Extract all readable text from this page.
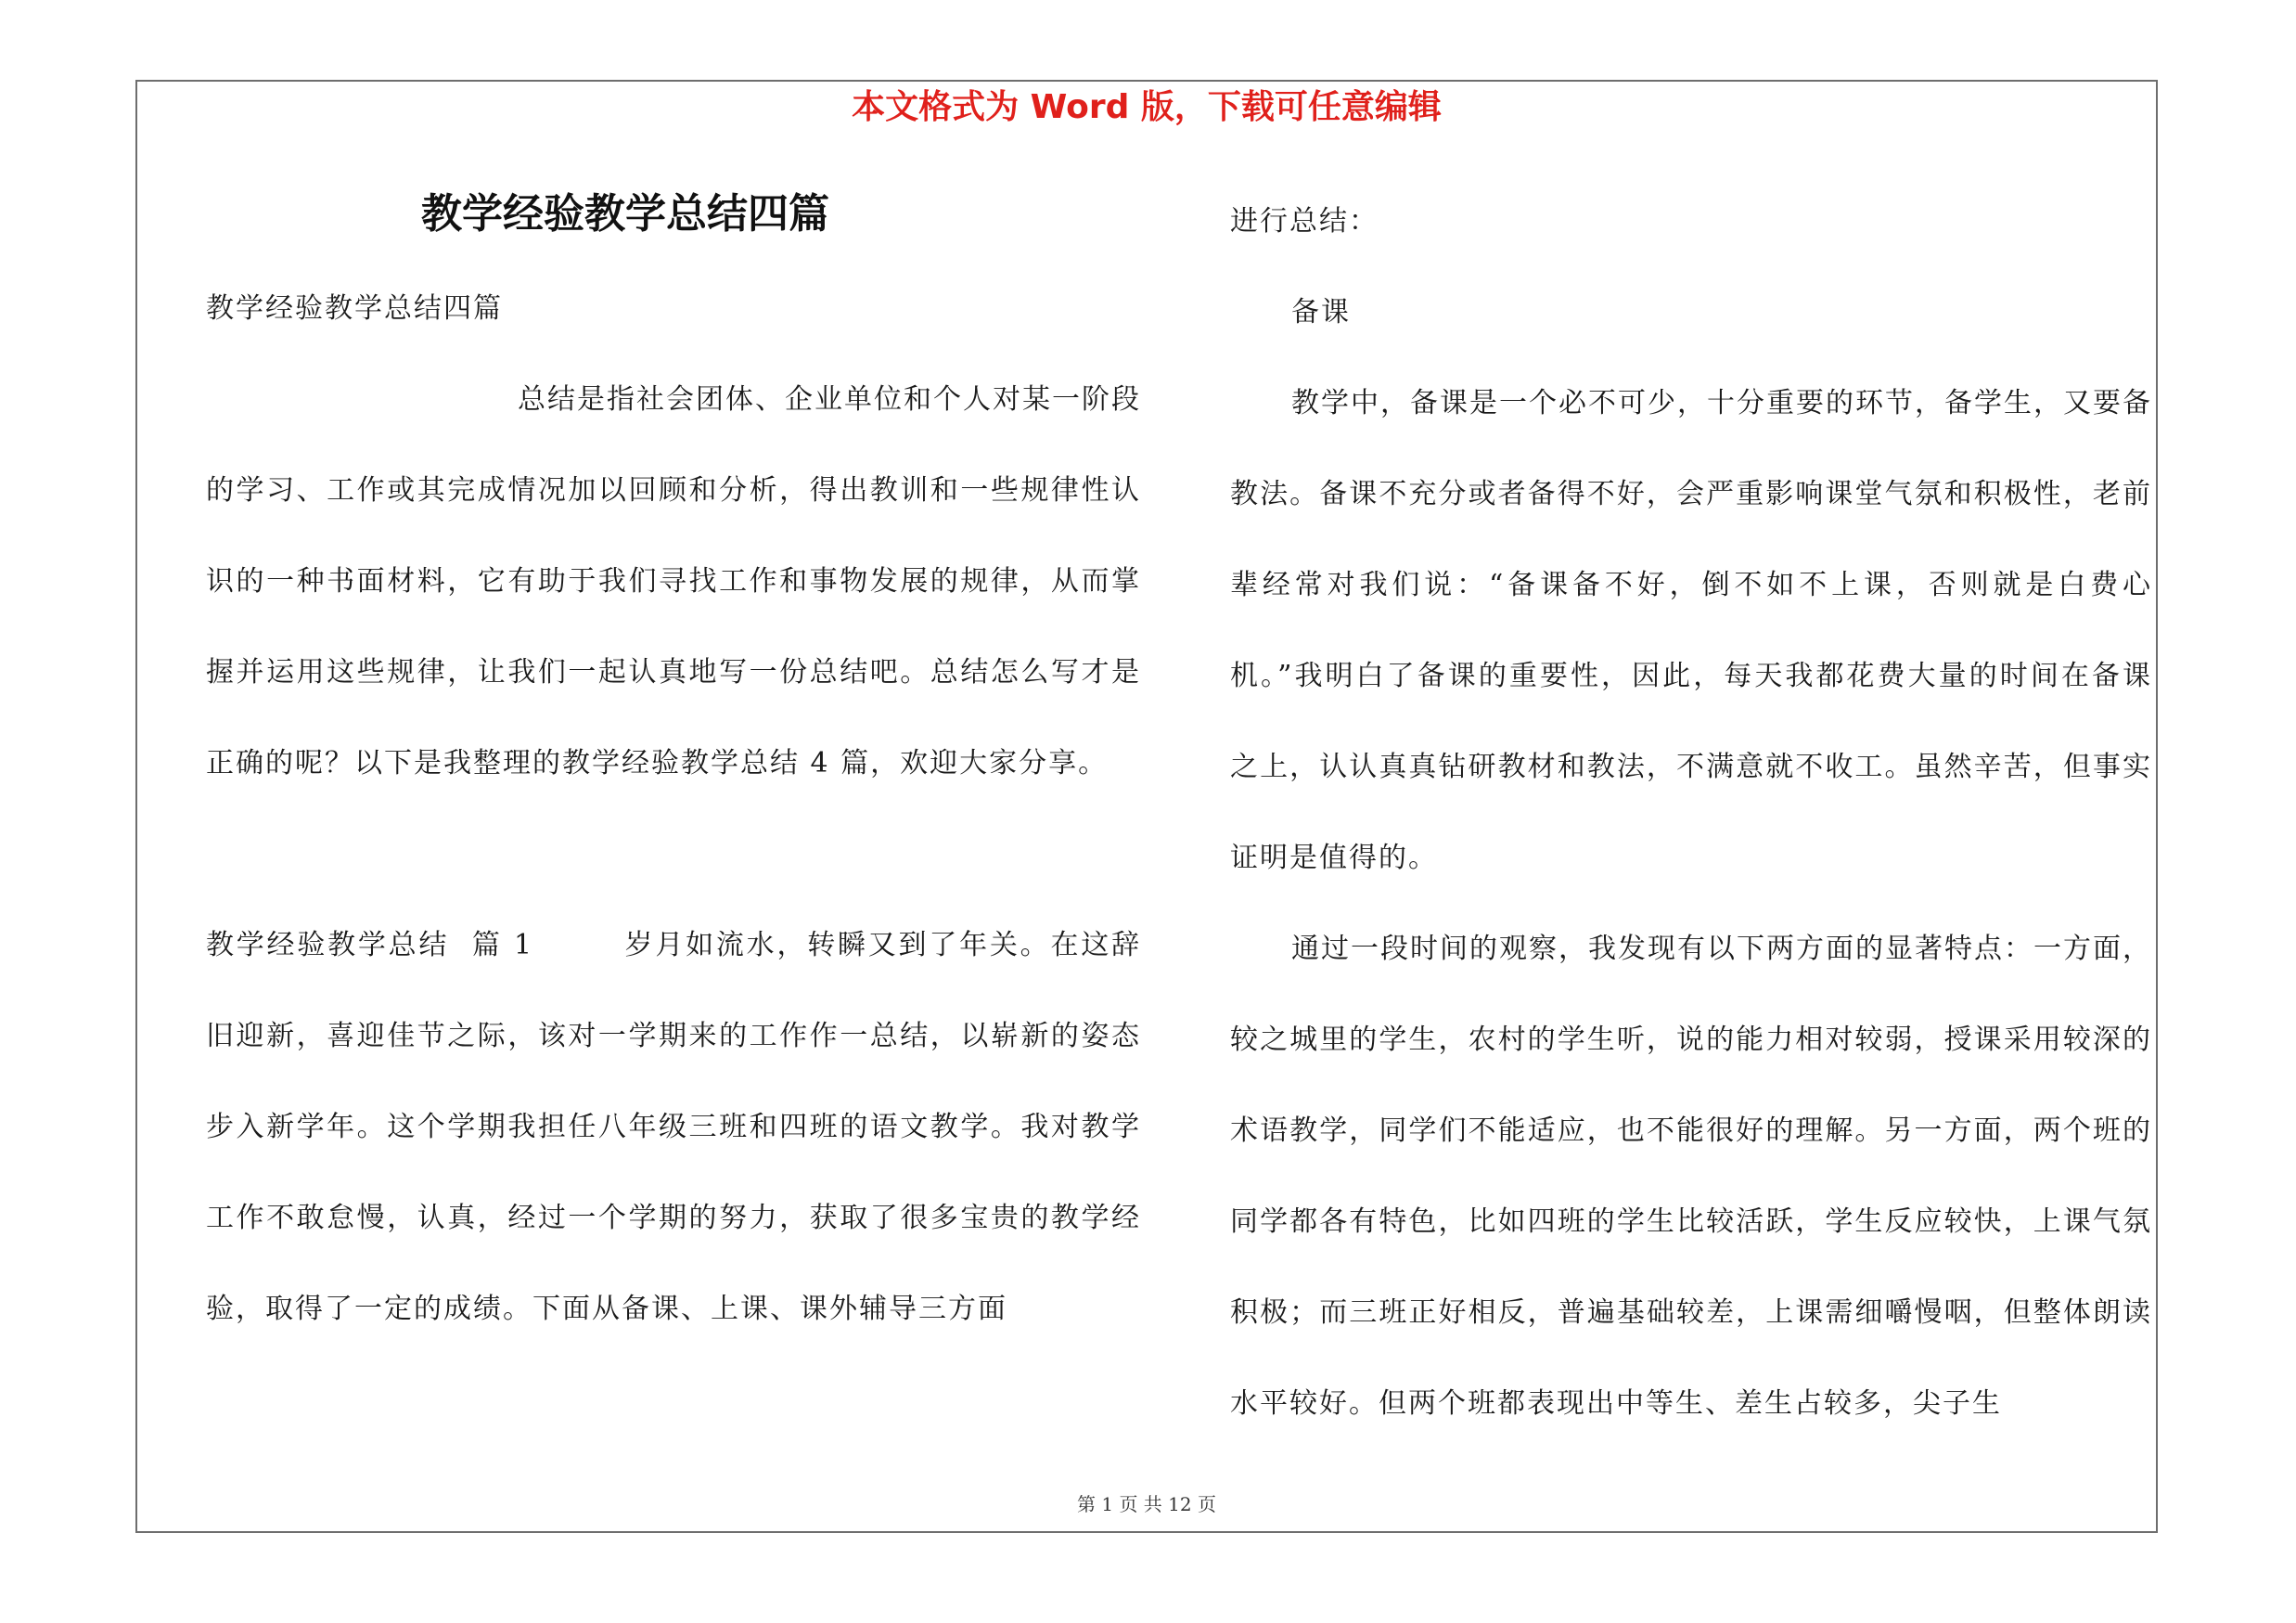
本文格式为 Word 版，下载可任意编辑
教学经验教学总结四篇

教学经验教学总结四篇

总结是指社会团体、企业单位和个人对某一阶段的学习、工作或其完成情况加以回顾和分析，得出教训和一些规律性认识的一种书面材料，它有助于我们寻找工作和事物发展的规律，从而掌握并运用这些规律，让我们一起认真地写一份总结吧。总结怎么写才是正确的呢？以下是我整理的教学经验教学总结 4 篇，欢迎大家分享。

教学经验教学总结  篇 1        岁月如流水，转瞬又到了年关。在这辞旧迎新，喜迎佳节之际，该对一学期来的工作作一总结，以崭新的姿态步入新学年。这个学期我担任八年级三班和四班的语文教学。我对教学工作不敢怠慢，认真，经过一个学期的努力，获取了很多宝贵的教学经验，取得了一定的成绩。下面从备课、上课、课外辅导三方面

进行总结：

备课

教学中，备课是一个必不可少，十分重要的环节，备学生，又要备教法。备课不充分或者备得不好，会严重影响课堂气氛和积极性，老前辈经常对我们说：“备课备不好，倒不如不上课，否则就是白费心机。”我明白了备课的重要性，因此，每天我都花费大量的时间在备课之上，认认真真钻研教材和教法，不满意就不收工。虽然辛苦，但事实证明是值得的。

通过一段时间的观察，我发现有以下两方面的显著特点：一方面，较之城里的学生，农村的学生听，说的能力相对较弱，授课采用较深的术语教学，同学们不能适应，也不能很好的理解。另一方面，两个班的同学都各有特色，比如四班的学生比较活跃，学生反应较快，上课气氛积极；而三班正好相反，普遍基础较差，上课需细嚼慢咽，但整体朗读水平较好。但两个班都表现出中等生、差生占较多，尖子生

第 1 页 共 12 页
